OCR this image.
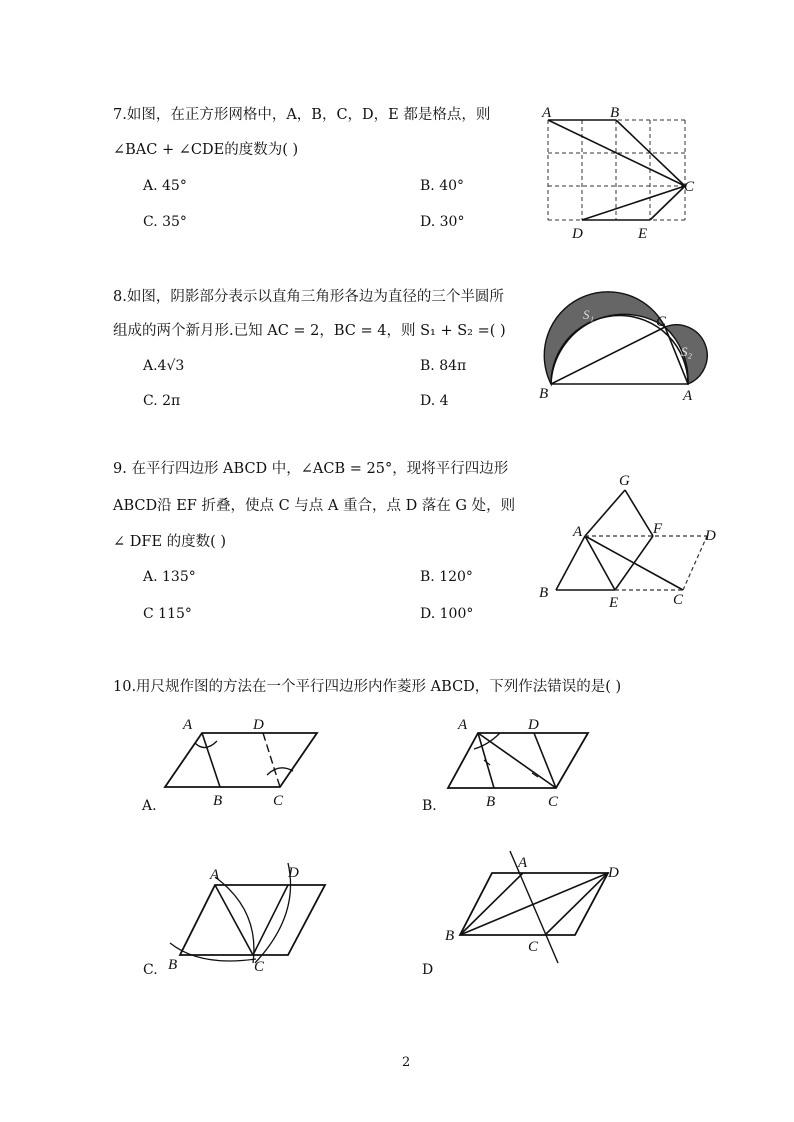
7.如图，在正方形网格中，A，B，C，D，E 都是格点，则
∠BAC + ∠CDE的度数为( )
A. 45°	B. 40°
C. 35°	D. 30°
A	B
C
D	E
8.如图，阴影部分表示以直角三角形各边为直径的三个半圆所
组成的两个新月形.已知 AC = 2，BC = 4，则 S₁ + S₂ =( )
A.4√3	B. 84π
C. 2π	D. 4
S₁
S₂
C
B	A
9. 在平行四边形 ABCD 中，∠ACB = 25°，现将平行四边形
ABCD沿 EF 折叠，使点 C 与点 A 重合，点 D 落在 G 处，则
∠ DFE 的度数( )
A. 135°	B. 120°
C 115°	D. 100°
G
A	F	D
B
E	C
10.用尺规作图的方法在一个平行四边形内作菱形 ABCD，下列作法错误的是( )
A	D
B	C
A.
A	D
B	C
B.
A	D
B	C
C.
A
D
B
C
D
2
